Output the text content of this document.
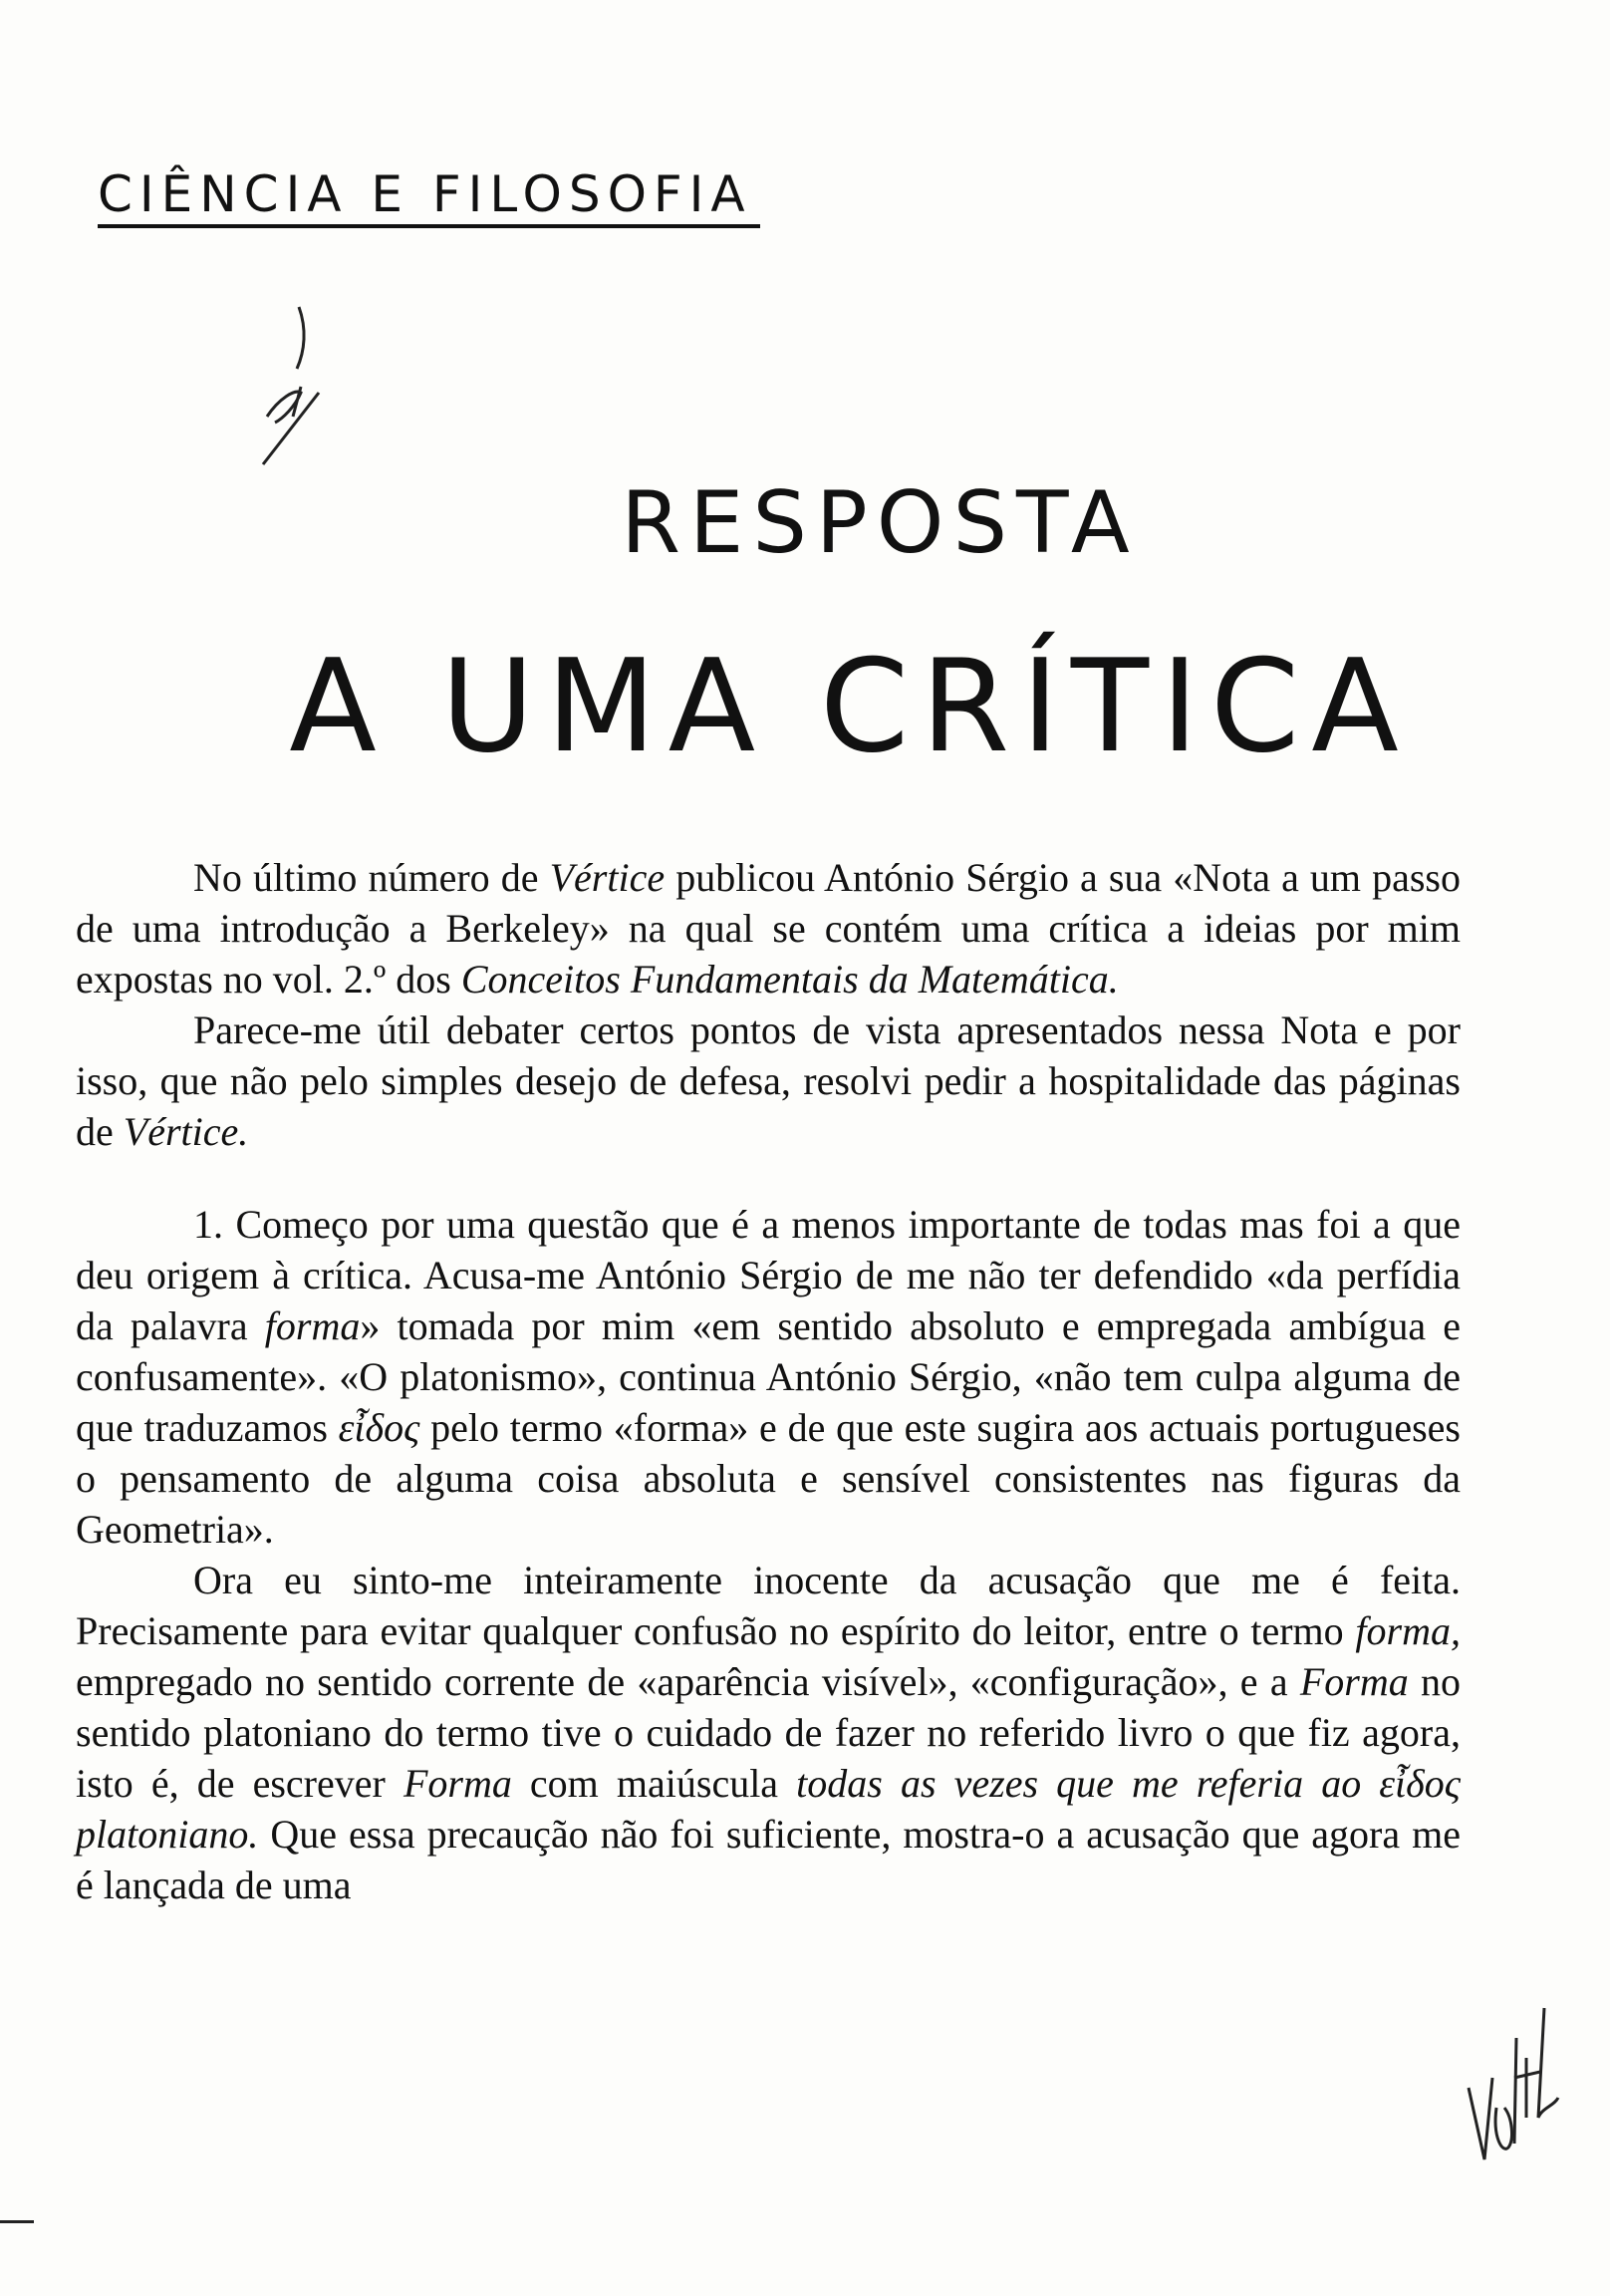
CIÊNCIA E FILOSOFIA
RESPOSTA
A UMA CRÍTICA

No último número de Vértice publicou António Sérgio a sua «Nota a um passo de uma introdução a Berkeley» na qual se contém uma crítica a ideias por mim expostas no vol. 2.º dos Conceitos Fundamentais da Matemática.

Parece-me útil debater certos pontos de vista apresentados nessa Nota e por isso, que não pelo simples desejo de defesa, resolvi pedir a hospitalidade das páginas de Vértice.

1. Começo por uma questão que é a menos importante de todas mas foi a que deu origem à crítica. Acusa-me António Sérgio de me não ter defendido «da perfídia da palavra forma» tomada por mim «em sentido absoluto e empregada ambígua e confusamente». «O platonismo», continua António Sérgio, «não tem culpa alguma de que traduzamos εἶδος pelo termo «forma» e de que este sugira aos actuais portugueses o pensamento de alguma coisa absoluta e sensível consistentes nas figuras da Geometria».

Ora eu sinto-me inteiramente inocente da acusação que me é feita. Precisamente para evitar qualquer confusão no espírito do leitor, entre o termo forma, empregado no sentido corrente de «aparência visível», «configuração», e a Forma no sentido platoniano do termo tive o cuidado de fazer no referido livro o que fiz agora, isto é, de escrever Forma com maiúscula todas as vezes que me referia ao εἶδος platoniano. Que essa precaução não foi suficiente, mostra-o a acusação que agora me é lançada de uma
